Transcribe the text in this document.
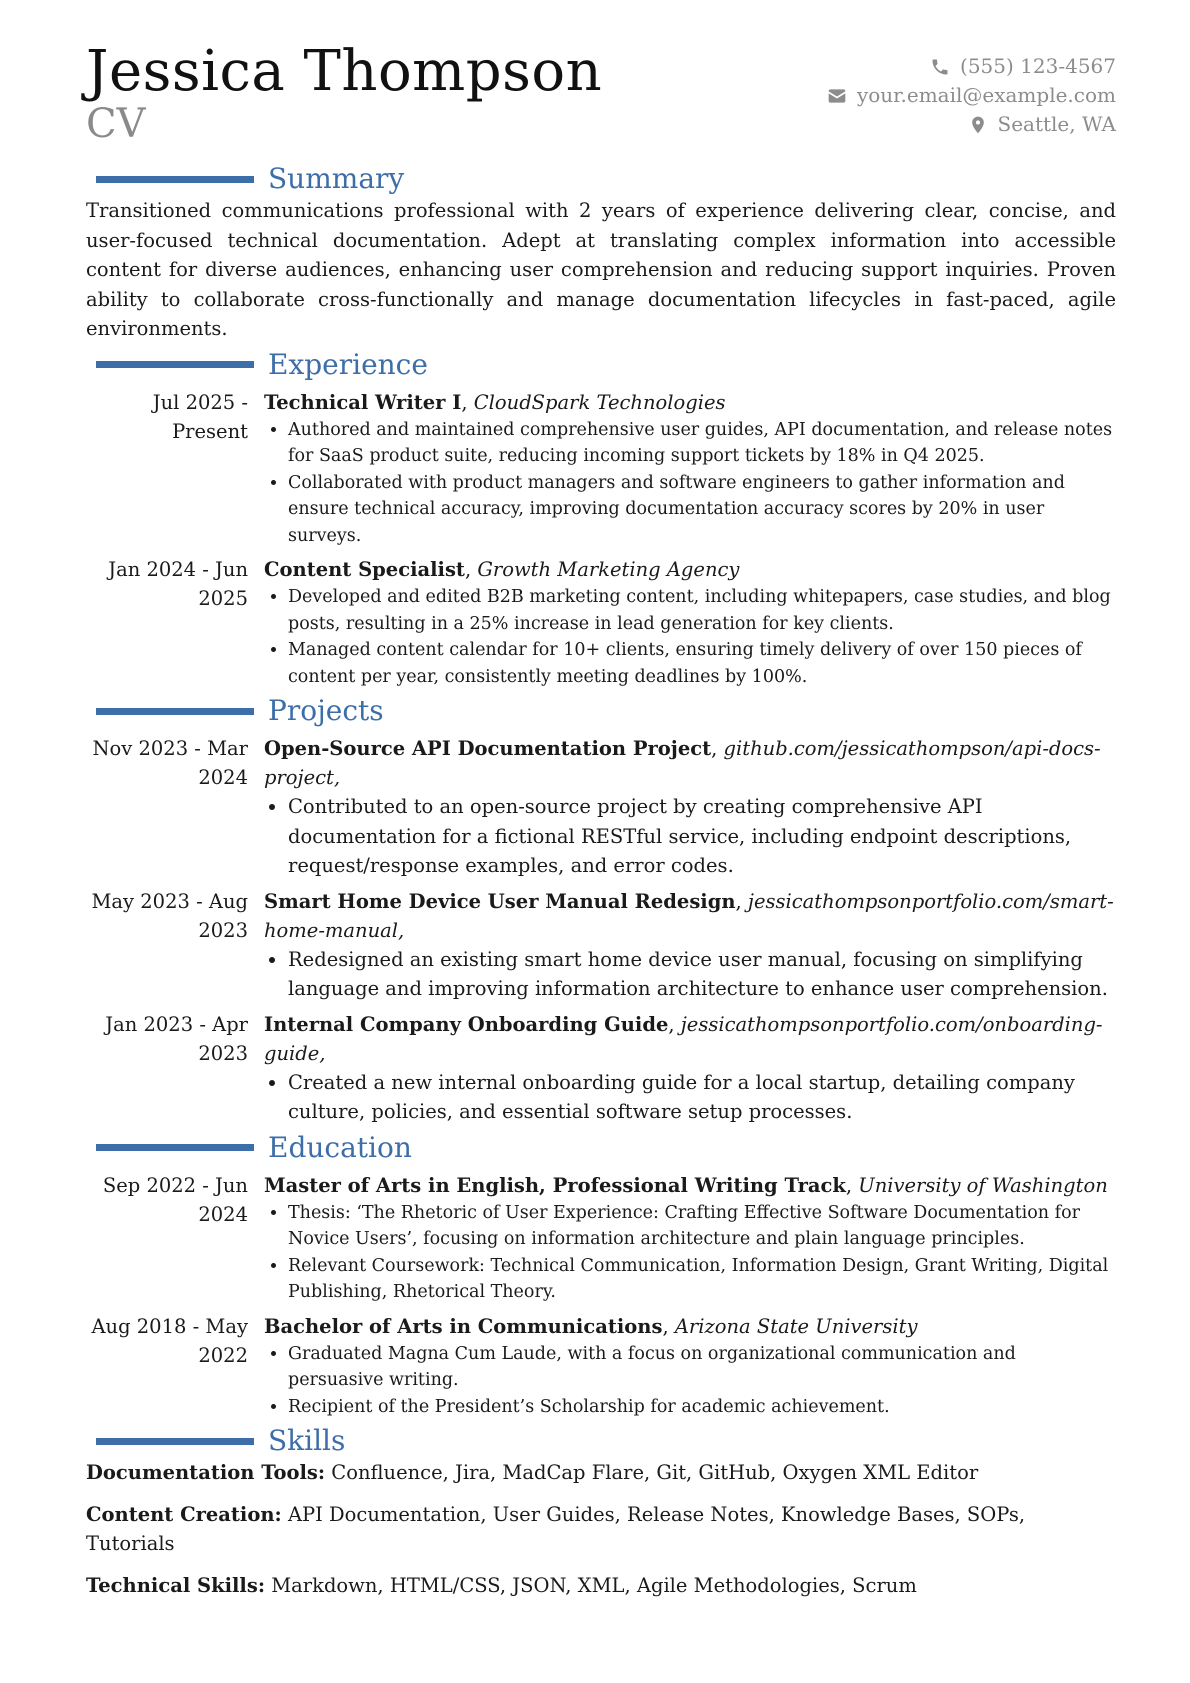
Jessica Thompson
CV
(555) 123-4567
your.email@example.com
Seattle, WA
Summary

Transitioned communications professional with 2 years of experience delivering clear, concise, and user-focused technical documentation. Adept at translating complex information into accessible content for diverse audiences, enhancing user comprehension and reducing support inquiries. Proven ability to collaborate cross-functionally and manage documentation lifecycles in fast-paced, agile environments.

Experience
Jul 2025 - Present
Technical Writer I, CloudSpark Technologies
• Authored and maintained comprehensive user guides, API documentation, and release notes for SaaS product suite, reducing incoming support tickets by 18% in Q4 2025.
• Collaborated with product managers and software engineers to gather information and ensure technical accuracy, improving documentation accuracy scores by 20% in user surveys.
Jan 2024 - Jun 2025
Content Specialist, Growth Marketing Agency
• Developed and edited B2B marketing content, including whitepapers, case studies, and blog posts, resulting in a 25% increase in lead generation for key clients.
• Managed content calendar for 10+ clients, ensuring timely delivery of over 150 pieces of content per year, consistently meeting deadlines by 100%.
Projects
Nov 2023 - Mar 2024
Open-Source API Documentation Project, github.com/jessicathompson/api-docs-project,
• Contributed to an open-source project by creating comprehensive API documentation for a fictional RESTful service, including endpoint descriptions, request/response examples, and error codes.
May 2023 - Aug 2023
Smart Home Device User Manual Redesign, jessicathompsonportfolio.com/smart-home-manual,
• Redesigned an existing smart home device user manual, focusing on simplifying language and improving information architecture to enhance user comprehension.
Jan 2023 - Apr 2023
Internal Company Onboarding Guide, jessicathompsonportfolio.com/onboarding-guide,
• Created a new internal onboarding guide for a local startup, detailing company culture, policies, and essential software setup processes.
Education
Sep 2022 - Jun 2024
Master of Arts in English, Professional Writing Track, University of Washington
• Thesis: ‘The Rhetoric of User Experience: Crafting Effective Software Documentation for Novice Users’, focusing on information architecture and plain language principles.
• Relevant Coursework: Technical Communication, Information Design, Grant Writing, Digital Publishing, Rhetorical Theory.
Aug 2018 - May 2022
Bachelor of Arts in Communications, Arizona State University
• Graduated Magna Cum Laude, with a focus on organizational communication and persuasive writing.
• Recipient of the President’s Scholarship for academic achievement.
Skills

Documentation Tools: Confluence, Jira, MadCap Flare, Git, GitHub, Oxygen XML Editor

Content Creation: API Documentation, User Guides, Release Notes, Knowledge Bases, SOPs, Tutorials

Technical Skills: Markdown, HTML/CSS, JSON, XML, Agile Methodologies, Scrum
